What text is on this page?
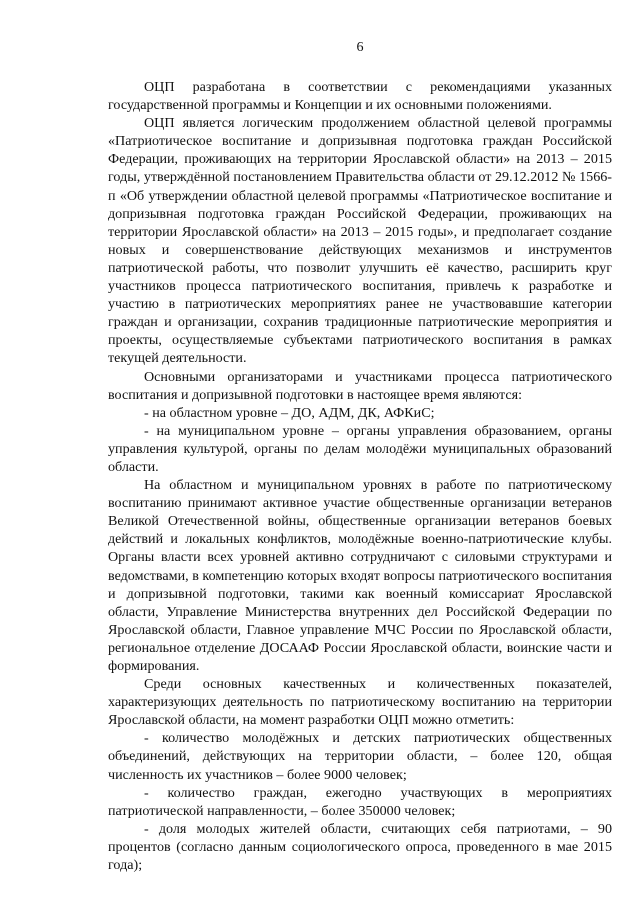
6

ОЦП разработана в соответствии с рекомендациями указанных государственной программы и Концепции и их основными положениями.

ОЦП является логическим продолжением областной целевой программы «Патриотическое воспитание и допризывная подготовка граждан Российской Федерации, проживающих на территории Ярославской области» на 2013 – 2015 годы, утверждённой постановлением Правительства области от 29.12.2012 № 1566-п «Об утверждении областной целевой программы «Патриотическое воспитание и допризывная подготовка граждан Российской Федерации, проживающих на территории Ярославской области» на 2013 – 2015 годы», и предполагает создание новых и совершенствование действующих механизмов и инструментов патриотической работы, что позволит улучшить её качество, расширить круг участников процесса патриотического воспитания, привлечь к разработке и участию в патриотических мероприятиях ранее не участвовавшие категории граждан и организации, сохранив традиционные патриотические мероприятия и проекты, осуществляемые субъектами патриотического воспитания в рамках текущей деятельности.

Основными организаторами и участниками процесса патриотического воспитания и допризывной подготовки в настоящее время являются:

- на областном уровне – ДО, АДМ, ДК, АФКиС;

- на муниципальном уровне – органы управления образованием, органы управления культурой, органы по делам молодёжи муниципальных образований области.

На областном и муниципальном уровнях в работе по патриотическому воспитанию принимают активное участие общественные организации ветеранов Великой Отечественной войны, общественные организации ветеранов боевых действий и локальных конфликтов, молодёжные военно-патриотические клубы. Органы власти всех уровней активно сотрудничают с силовыми структурами и ведомствами, в компетенцию которых входят вопросы патриотического воспитания и допризывной подготовки, такими как военный комиссариат Ярославской области, Управление Министерства внутренних дел Российской Федерации по Ярославской области, Главное управление МЧС России по Ярославской области, региональное отделение ДОСААФ России Ярославской области, воинские части и формирования.

Среди основных качественных и количественных показателей, характеризующих деятельность по патриотическому воспитанию на территории Ярославской области, на момент разработки ОЦП можно отметить:

- количество молодёжных и детских патриотических общественных объединений, действующих на территории области, – более 120, общая численность их участников – более 9000 человек;

- количество граждан, ежегодно участвующих в мероприятиях патриотической направленности, – более 350000 человек;

- доля молодых жителей области, считающих себя патриотами, – 90 процентов (согласно данным социологического опроса, проведенного в мае 2015 года);
